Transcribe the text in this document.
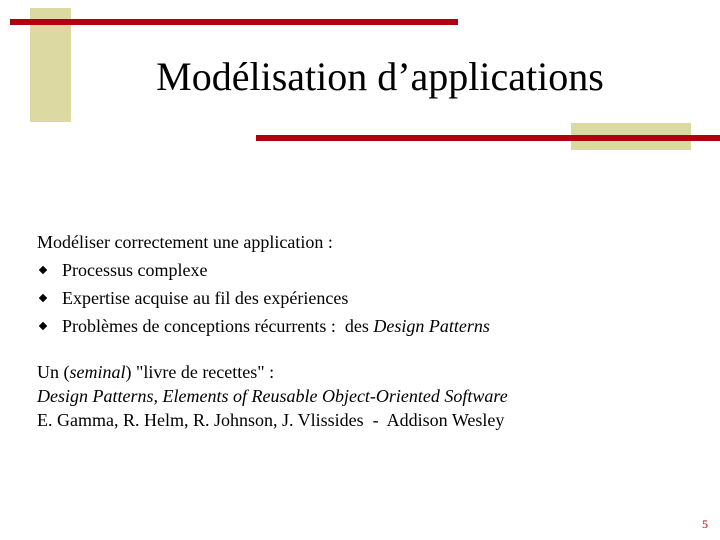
Modélisation d’applications
Modéliser correctement une application :
Processus complexe
Expertise acquise au fil des expériences
Problèmes de conceptions récurrents :  des Design Patterns
Un (seminal) "livre de recettes" :
Design Patterns, Elements of Reusable Object-Oriented Software
E. Gamma, R. Helm, R. Johnson, J. Vlissides  -  Addison Wesley
5
